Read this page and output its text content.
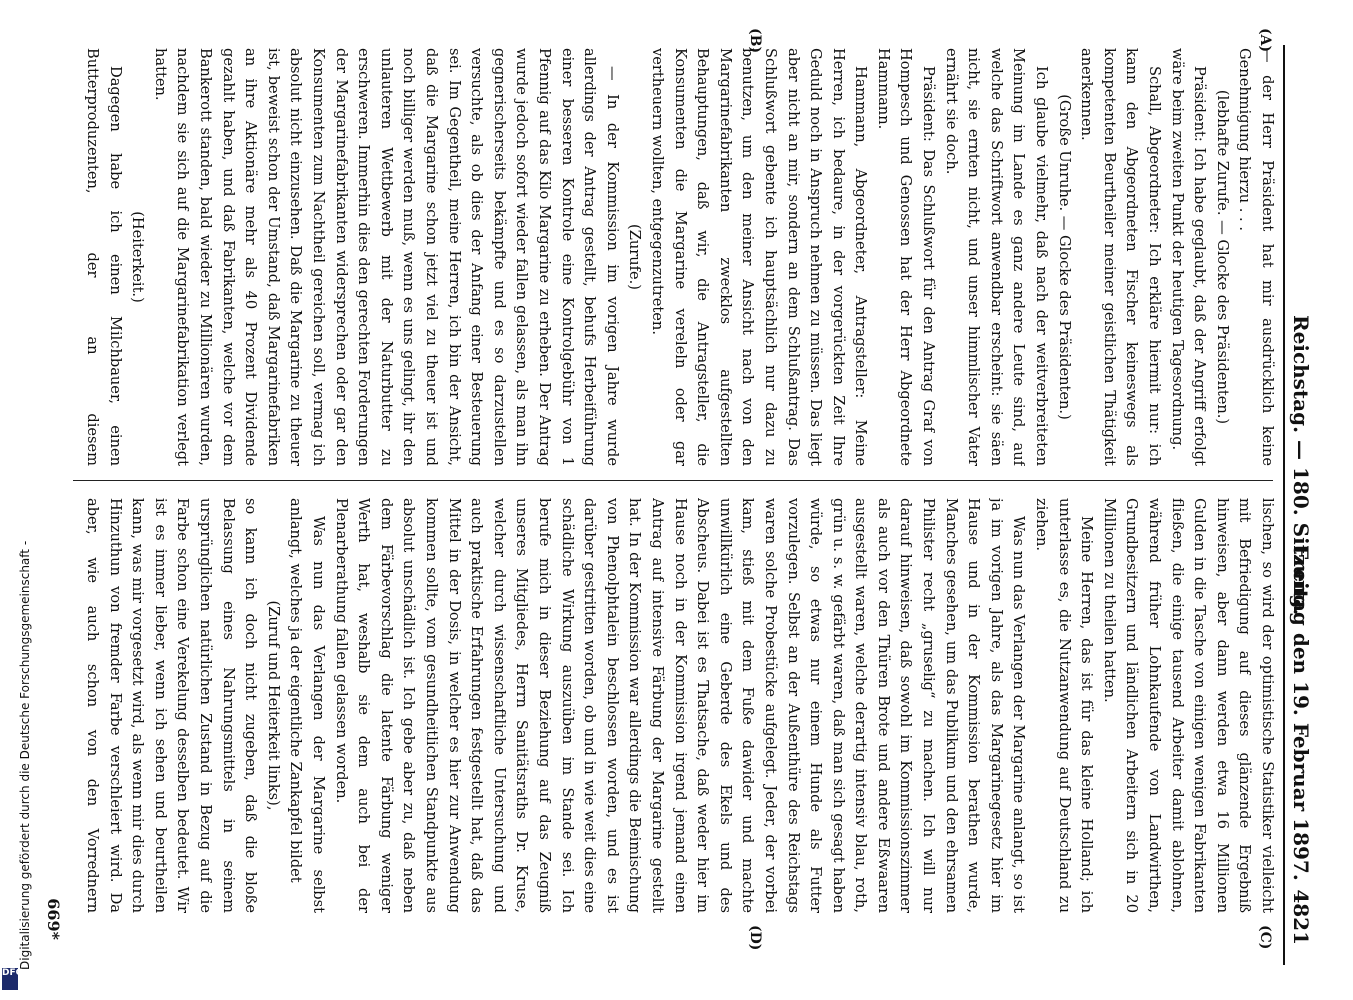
Reichstag. — 180. Sitzung.
Freitag den 19. Februar 1897.
4821
(A)
(B)
(C)
(D)

— der Herr Präsident hat mir ausdrücklich keine Genehmigung hierzu . . .

(lebhafte Zurufe. — Glocke des Präsidenten.)

Präsident: Ich habe geglaubt, daß der Angriff erfolgt wäre beim zweiten Punkt der heutigen Tagesordnung.

Schall, Abgeordneter: Ich erkläre hiermit nur: ich kann den Abgeordneten Fischer keineswegs als kompetenten Beurtheiler meiner geistlichen Thätigkeit anerkennen.

(Große Unruhe. — Glocke des Präsidenten.)

Ich glaube vielmehr, daß nach der weitverbreiteten Meinung im Lande es ganz andere Leute sind, auf welche das Schriftwort anwendbar erscheint: sie säen nicht, sie ernten nicht, und unser himmlischer Vater ernährt sie doch.

Präsident: Das Schlußwort für den Antrag Graf von Hompesch und Genossen hat der Herr Abgeordnete Hammann.

Hammann, Abgeordneter, Antragsteller: Meine Herren, ich bedaure, in der vorgerückten Zeit Ihre Geduld noch in Anspruch nehmen zu müssen. Das liegt aber nicht an mir, sondern an dem Schlußantrag. Das Schlußwort gebente ich hauptsächlich nur dazu zu benutzen, um den meiner Ansicht nach von den Margarinefabrikanten zwecklos aufgestellten Behauptungen, daß wir, die Antragsteller, die Konsumenten die Margarine vereleln oder gar vertheuern wollten, entgegenzutreten.

(Zurufe.)

— In der Kommission im vorigen Jahre wurde allerdings der Antrag gestellt, behufs Herbeiführung einer besseren Kontrole eine Kontrolgebühr von 1 Pfennig auf das Kilo Margarine zu erheben. Der Antrag wurde jedoch sofort wieder fallen gelassen, als man ihn gegnerischerseits bekämpfte und es so darzustellen versuchte, als ob dies der Anfang einer Besteuerung sei. Im Gegentheil, meine Herren, ich bin der Ansicht, daß die Margarine schon jetzt viel zu theuer ist und noch billiger werden muß, wenn es uns gelingt, ihr den unlauteren Wettbewerb mit der Naturbutter zu erschweren. Immerhin dies den gerechten Forderungen der Margarinefabrikanten widersprechen oder gar den Konsumenten zum Nachtheil gereichen soll, vermag ich absolut nicht einzusehen. Daß die Margarine zu theuer ist, beweist schon der Umstand, daß Margarinefabriken an ihre Aktionäre mehr als 40 Prozent Dividende gezahlt haben, und daß Fabrikanten, welche vor dem Bankerott standen, bald wieder zu Millionären wurden, nachdem sie sich auf die Margarinefabrikation verlegt hatten.

(Heiterkeit.)

Dagegen habe ich einen Milchbauer, einen Butterproduzenten, der an diesem

lischen, so wird der optimistische Statistiker vielleicht mit Befriedigung auf dieses glänzende Ergebniß hinweisen, aber dann werden etwa 16 Millionen Gulden in die Tasche von einigen wenigen Fabrikanten fließen, die einige tausend Arbeiter damit ablohnen, während früher Lohnkaufende von Landwirthen, Grundbesitzern und ländlichen Arbeitern sich in 20 Millionen zu theilen hatten.

Meine Herren, das ist für das kleine Holland; ich unterlasse es, die Nutzanwendung auf Deutschland zu ziehen.

Was nun das Verlangen der Margarine anlangt, so ist ja im vorigen Jahre, als das Margarinegesetz hier im Hause und in der Kommission berathen wurde, Manches gesehen, um das Publikum und den ehrsamen Philister recht „gruselig“ zu machen. Ich will nur darauf hinweisen, daß sowohl im Kommissionszimmer als auch vor den Thüren Brote und andere Eßwaaren ausgestellt waren, welche derartig intensiv blau, roth, grün u. s. w. gefärbt waren, daß man sich gesagt haben würde, so etwas nur einem Hunde als Futter vorzulegen. Selbst an der Außenthüre des Reichstags waren solche Probestücke aufgelegt. Jeder, der vorbei kam, stieß mit dem Fuße dawider und machte unwillkürlich eine Geberde des Ekels und des Abscheus. Dabei ist es Thatsache, daß weder hier im Hause noch in der Kommission irgend jemand einen Antrag auf intensive Färbung der Margarine gestellt hat. In der Kommission war allerdings die Beimischung von Phenolphtalein beschlossen worden, und es ist darüber gestritten worden, ob und in wie weit dies eine schädliche Wirkung auszuüben im Stande sei. Ich berufe mich in dieser Beziehung auf das Zeugniß unseres Mitgliedes, Herrn Sanitätsraths Dr. Kruse, welcher durch wissenschaftliche Untersuchung und auch praktische Erfahrungen festgestellt hat, daß das Mittel in der Dosis, in welcher es hier zur Anwendung kommen sollte, vom gesundheitlichen Standpunkte aus absolut unschädlich ist. Ich gebe aber zu, daß neben dem Färbevorschlag die latente Färbung weniger Werth hat, weshalb sie dem auch bei der Plenarberathung fallen gelassen worden.

Was nun das Verlangen der Margarine selbst anlangt, welches ja der eigentliche Zankapfel bildet

(Zuruf und Heiterkeit links),

so kann ich doch nicht zugeben, daß die bloße Belassung eines Nahrungsmittels in seinem ursprünglichen natürlichen Zustand in Bezug auf die Farbe schon eine Verekelung desselben bedeutet. Wir ist es immer lieber, wenn ich sehen und beurtheilen kann, was mir vorgesetzt wird, als wenn mir dies durch Hinzuthun von fremder Farbe verschleiert wird. Da aber, wie auch schon von den Vorrednern

669*
Digitalisierung gefördert durch die Deutsche Forschungsgemeinschaft -
DFG
